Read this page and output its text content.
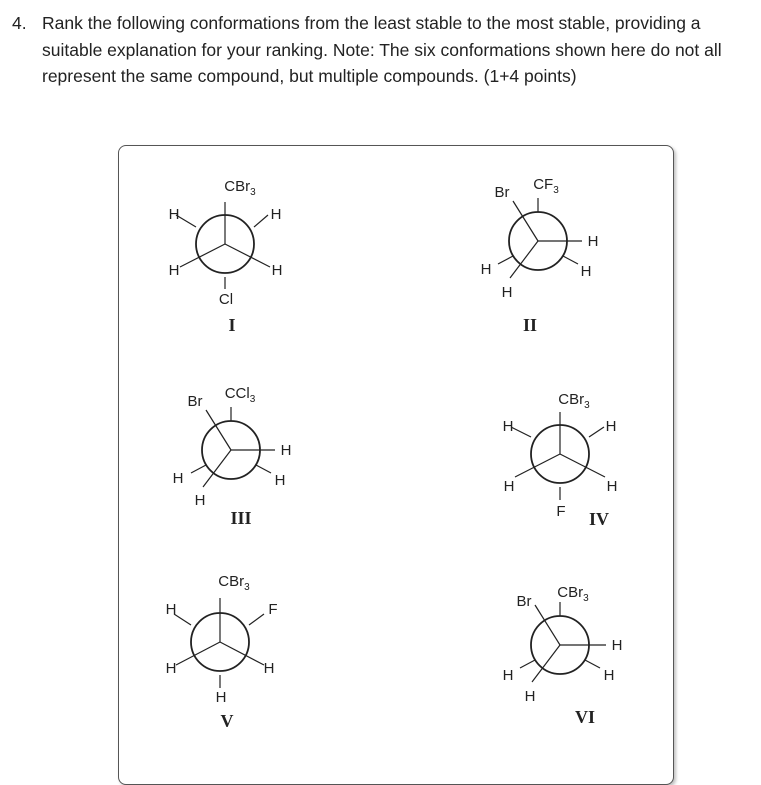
4. Rank the following conformations from the least stable to the most stable, providing a suitable explanation for your ranking. Note: The six conformations shown here do not all represent the same compound, but multiple compounds. (1+4 points)
CBr$_3$
H	H
H	H
Cl
I
Br $CF_3$
H
H
H
H
II
Br CCl$_3$
H
H
H
H
III
CBr$_3$
H	H
H	H
F IV
CBr$_3$
H	F
H	H
H
V
Br
CBr$_3$
H
H
H
H
VI
